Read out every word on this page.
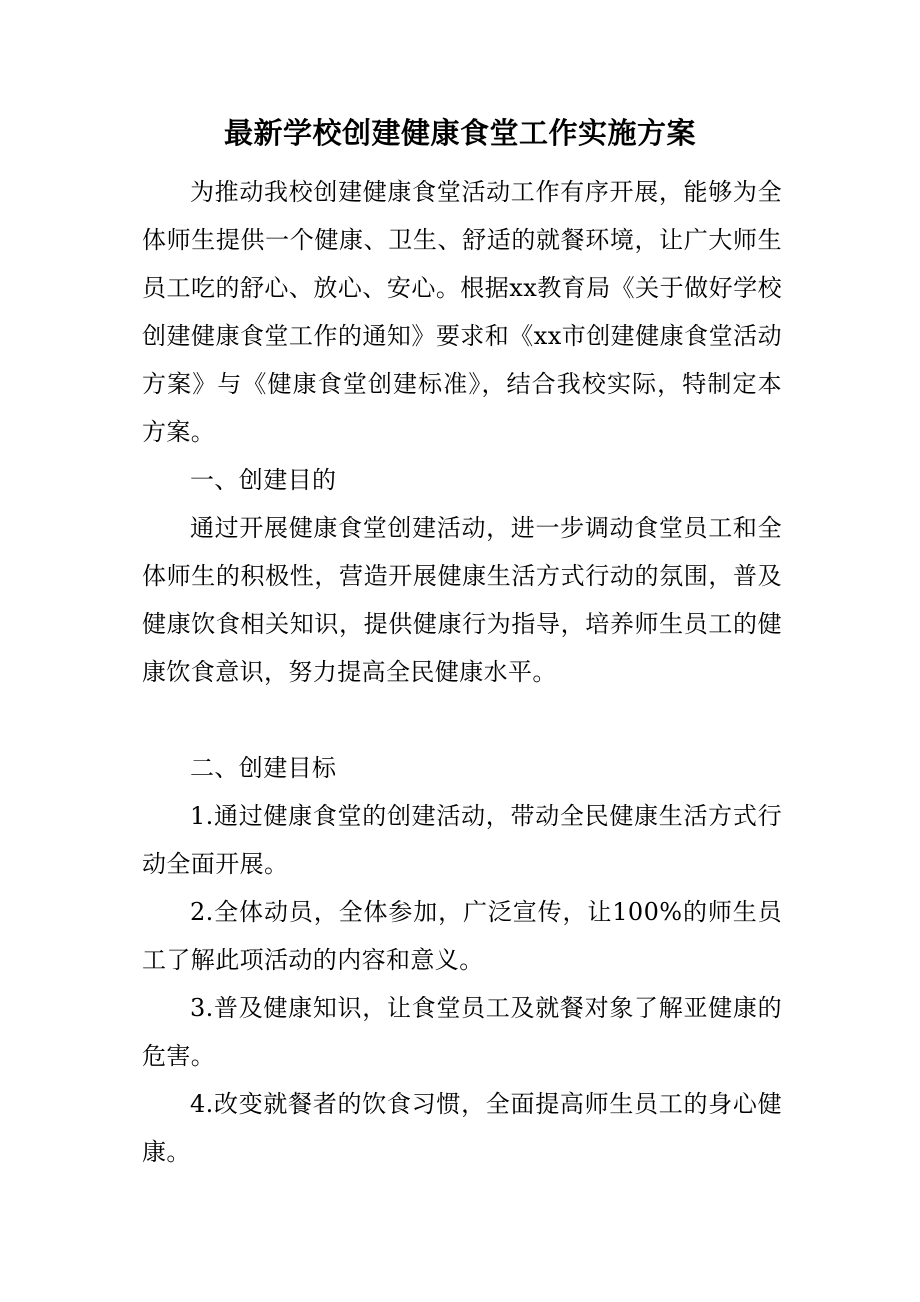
最新学校创建健康食堂工作实施方案

为推动我校创建健康食堂活动工作有序开展，能够为全体师生提供一个健康、卫生、舒适的就餐环境，让广大师生员工吃的舒心、放心、安心。根据xx教育局《关于做好学校创建健康食堂工作的通知》要求和《xx市创建健康食堂活动方案》与《健康食堂创建标准》，结合我校实际，特制定本方案。

一、创建目的

通过开展健康食堂创建活动，进一步调动食堂员工和全体师生的积极性，营造开展健康生活方式行动的氛围，普及健康饮食相关知识，提供健康行为指导，培养师生员工的健康饮食意识，努力提高全民健康水平。

二、创建目标

1.通过健康食堂的创建活动，带动全民健康生活方式行动全面开展。

2.全体动员，全体参加，广泛宣传，让100%的师生员工了解此项活动的内容和意义。

3.普及健康知识，让食堂员工及就餐对象了解亚健康的危害。

4.改变就餐者的饮食习惯，全面提高师生员工的身心健康。
